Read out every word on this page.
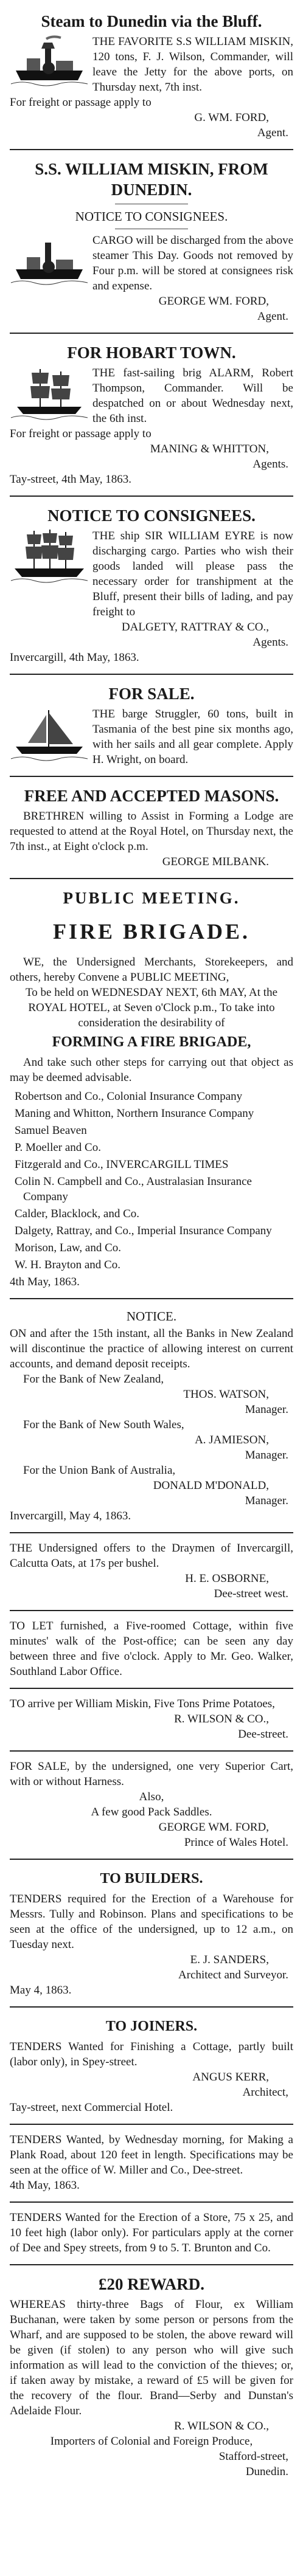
Steam to Dunedin via the Bluff.

THE FAVORITE S.S WILLIAM MISKIN, 120 tons, F. J. Wilson, Commander, will leave the Jetty for the above ports, on Thursday next, 7th inst.

For freight or passage apply to

G. WM. FORD,

Agent.

S.S. WILLIAM MISKIN, FROM DUNEDIN.
NOTICE TO CONSIGNEES.

CARGO will be discharged from the above steamer This Day. Goods not removed by Four p.m. will be stored at consignees risk and expense.

GEORGE WM. FORD,

Agent.

FOR HOBART TOWN.

THE fast-sailing brig ALARM, Robert Thompson, Commander. Will be despatched on or about Wednesday next, the 6th inst.

For freight or passage apply to

MANING & WHITTON,

Agents.

Tay-street, 4th May, 1863.

NOTICE TO CONSIGNEES.

THE ship SIR WILLIAM EYRE is now discharging cargo. Parties who wish their goods landed will please pass the necessary order for transhipment at the Bluff, present their bills of lading, and pay freight to

DALGETY, RATTRAY & CO.,

Agents.

Invercargill, 4th May, 1863.

FOR SALE.

THE barge Struggler, 60 tons, built in Tasmania of the best pine six months ago, with her sails and all gear complete. Apply H. Wright, on board.

FREE AND ACCEPTED MASONS.

BRETHREN willing to Assist in Forming a Lodge are requested to attend at the Royal Hotel, on Thursday next, the 7th inst., at Eight o'clock p.m.

GEORGE MILBANK.

PUBLIC MEETING.
FIRE BRIGADE.

WE, the Undersigned Merchants, Storekeepers, and others, hereby Convene a PUBLIC MEETING,

To be held on WEDNESDAY NEXT, 6th MAY, At the ROYAL HOTEL, at Seven o'Clock p.m., To take into consideration the desirability of

FORMING A FIRE BRIGADE,

And take such other steps for carrying out that object as may be deemed advisable.

Robertson and Co., Colonial Insurance Company

Maning and Whitton, Northern Insurance Company

Samuel Beaven

P. Moeller and Co.

Fitzgerald and Co., INVERCARGILL TIMES

Colin N. Campbell and Co., Australasian Insurance Company

Calder, Blacklock, and Co.

Dalgety, Rattray, and Co., Imperial Insurance Company

Morison, Law, and Co.

W. H. Brayton and Co.

4th May, 1863.

NOTICE.

ON and after the 15th instant, all the Banks in New Zealand will discontinue the practice of allowing interest on current accounts, and demand deposit receipts.

For the Bank of New Zealand,

THOS. WATSON,

Manager.

For the Bank of New South Wales,

A. JAMIESON,

Manager.

For the Union Bank of Australia,

DONALD M'DONALD,

Manager.

Invercargill, May 4, 1863.

THE Undersigned offers to the Draymen of Invercargill, Calcutta Oats, at 17s per bushel.

H. E. OSBORNE,

Dee-street west.

TO LET furnished, a Five-roomed Cottage, within five minutes' walk of the Post-office; can be seen any day between three and five o'clock. Apply to Mr. Geo. Walker, Southland Labor Office.

TO arrive per William Miskin, Five Tons Prime Potatoes,

R. WILSON & CO.,

Dee-street.

FOR SALE, by the undersigned, one very Superior Cart, with or without Harness.

Also,

A few good Pack Saddles.

GEORGE WM. FORD,

Prince of Wales Hotel.

TO BUILDERS.

TENDERS required for the Erection of a Warehouse for Messrs. Tully and Robinson. Plans and specifications to be seen at the office of the undersigned, up to 12 a.m., on Tuesday next.

E. J. SANDERS,

Architect and Surveyor.

May 4, 1863.

TO JOINERS.

TENDERS Wanted for Finishing a Cottage, partly built (labor only), in Spey-street.

ANGUS KERR,

Architect,

Tay-street, next Commercial Hotel.

TENDERS Wanted, by Wednesday morning, for Making a Plank Road, about 120 feet in length. Specifications may be seen at the office of W. Miller and Co., Dee-street.

4th May, 1863.

TENDERS Wanted for the Erection of a Store, 75 x 25, and 10 feet high (labor only). For particulars apply at the corner of Dee and Spey streets, from 9 to 5. T. Brunton and Co.

£20 REWARD.

WHEREAS thirty-three Bags of Flour, ex William Buchanan, were taken by some person or persons from the Wharf, and are supposed to be stolen, the above reward will be given (if stolen) to any person who will give such information as will lead to the conviction of the thieves; or, if taken away by mistake, a reward of £5 will be given for the recovery of the flour. Brand—Serby and Dunstan's Adelaide Flour.

R. WILSON & CO.,

Importers of Colonial and Foreign Produce,

Stafford-street,

Dunedin.
